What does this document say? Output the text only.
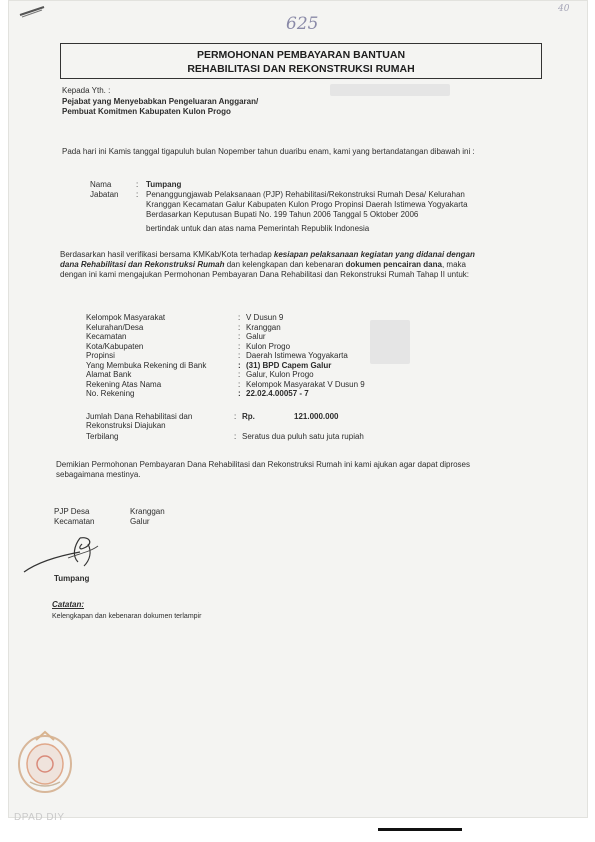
625
40
PERMOHONAN PEMBAYARAN BANTUAN
REHABILITASI DAN REKONSTRUKSI RUMAH
Kepada Yth. :
Pejabat yang Menyebabkan Pengeluaran Anggaran/
Pembuat Komitmen Kabupaten Kulon Progo
Pada hari ini Kamis tanggal tigapuluh bulan Nopember tahun duaribu enam, kami yang bertandatangan dibawah ini :
Nama	: Tumpang
Jabatan : Penanggungjawab Pelaksanaan (PJP) Rehabilitasi/Rekonstruksi Rumah Desa/ Kelurahan
Kranggan Kecamatan Galur Kabupaten Kulon Progo Propinsi Daerah Istimewa Yogyakarta
Berdasarkan Keputusan Bupati No. 199 Tahun 2006 Tanggal 5 Oktober 2006
bertindak untuk dan atas nama Pemerintah Republik Indonesia
Berdasarkan hasil verifikasi bersama KMKab/Kota terhadap kesiapan pelaksanaan kegiatan yang didanai dengan
dana Rehabilitasi dan Rekonstruksi Rumah dan kelengkapan dan kebenaran dokumen pencairan dana, maka
dengan ini kami mengajukan Permohonan Pembayaran Dana Rehabilitasi dan Rekonstruksi Rumah Tahap II untuk:
Kelompok Masyarakat	: V Dusun 9
Kelurahan/Desa	: Kranggan
Kecamatan	: Galur
Kota/Kabupaten	: Kulon Progo
Propinsi	: Daerah Istimewa Yogyakarta
Yang Membuka Rekening di Bank	: (31) BPD Capem Galur
Alamat Bank	: Galur, Kulon Progo
Rekening Atas Nama	: Kelompok Masyarakat V Dusun 9
No. Rekening	: 22.02.4.00057 - 7
Jumlah Dana Rehabilitasi dan
Rekonstruksi Diajukan
: Rp.	121.000.000
Terbilang	: Seratus dua puluh satu juta rupiah
Demikian Permohonan Pembayaran Dana Rehabilitasi dan Rekonstruksi Rumah ini kami ajukan agar dapat diproses
sebagaimana mestinya.
PJP Desa	Kranggan
Kecamatan	Galur
Tumpang
Catatan:
Kelengkapan dan kebenaran dokumen terlampir
DPAD DIY
